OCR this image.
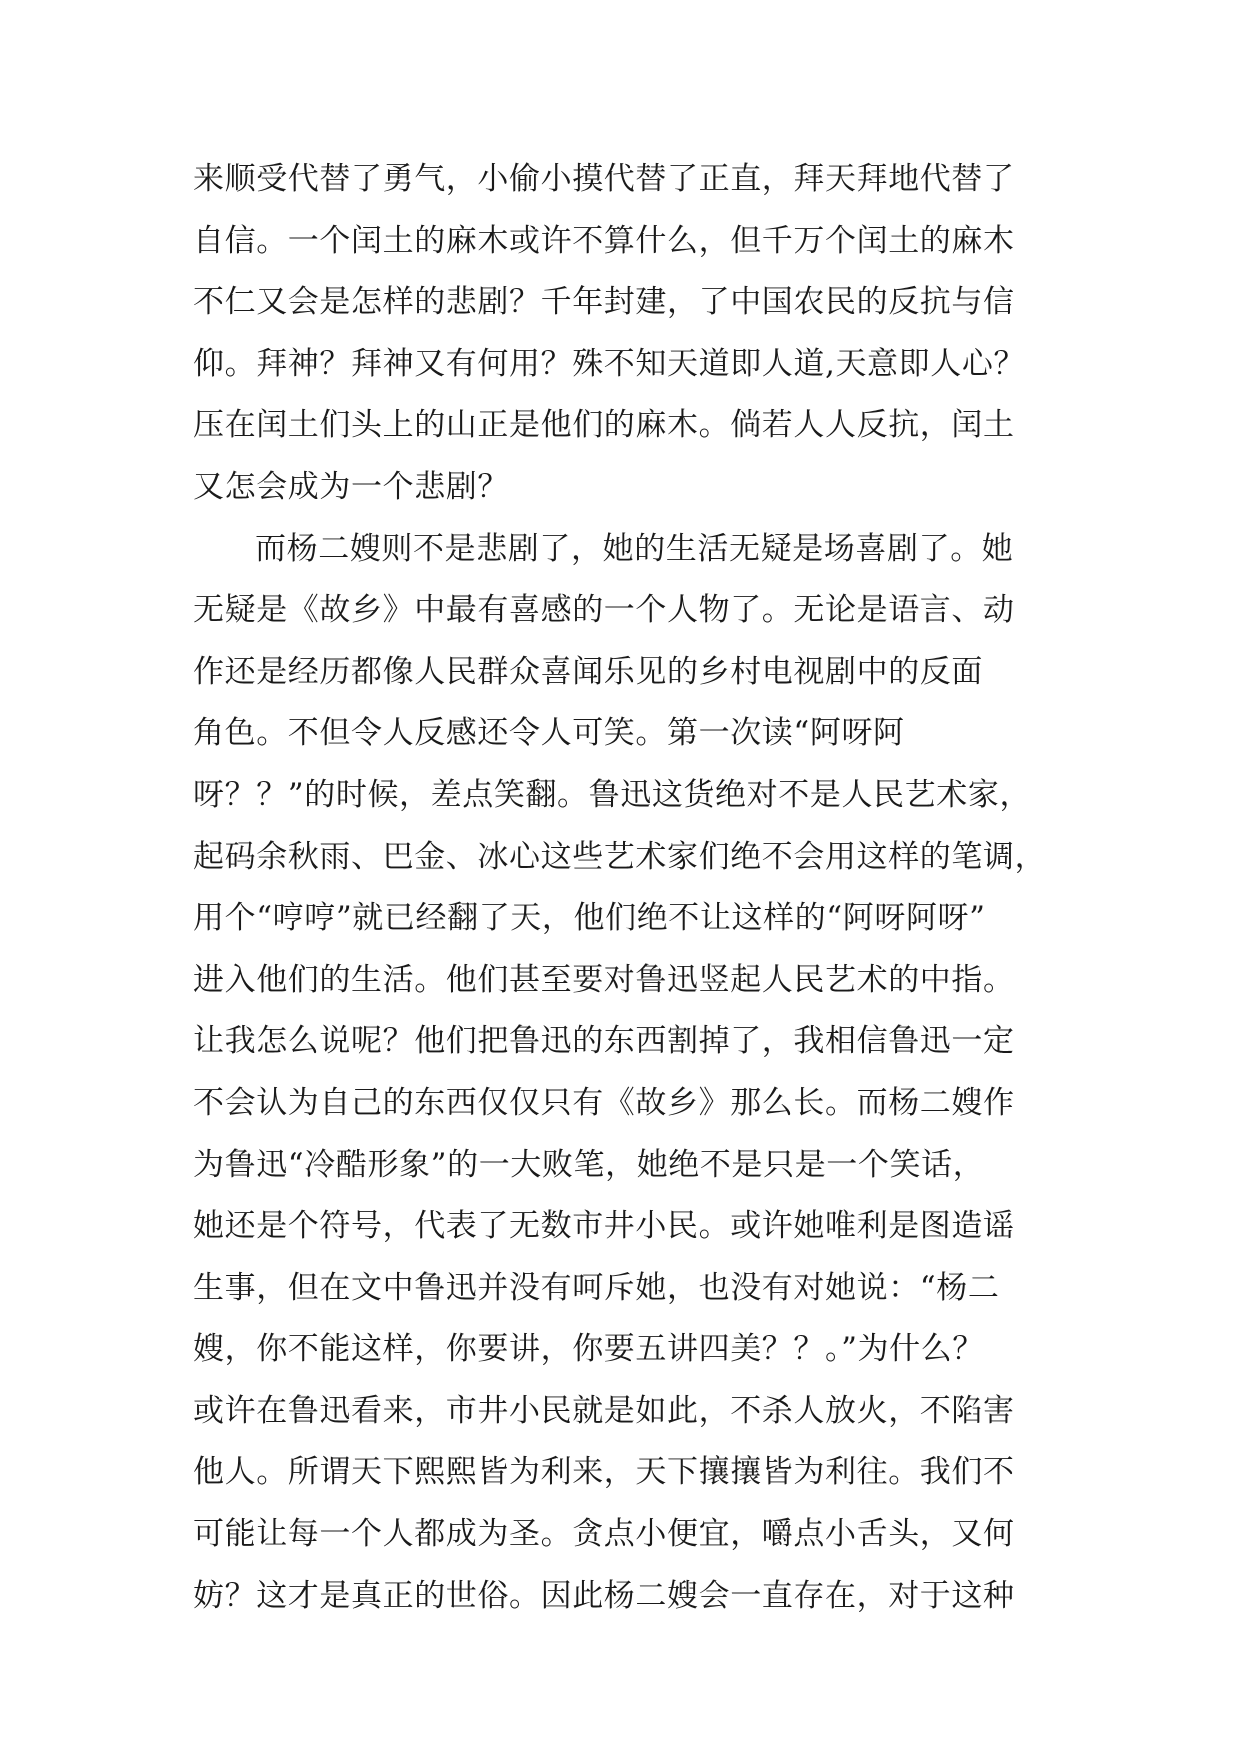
来顺受代替了勇气，小偷小摸代替了正直，拜天拜地代替了
自信。一个闰土的麻木或许不算什么，但千万个闰土的麻木
不仁又会是怎样的悲剧？千年封建，了中国农民的反抗与信
仰。拜神？拜神又有何用？殊不知天道即人道,天意即人心？
压在闰土们头上的山正是他们的麻木。倘若人人反抗，闰土
又怎会成为一个悲剧？
而杨二嫂则不是悲剧了，她的生活无疑是场喜剧了。她
无疑是《故乡》中最有喜感的一个人物了。无论是语言、动
作还是经历都像人民群众喜闻乐见的乡村电视剧中的反面
角色。不但令人反感还令人可笑。第一次读“阿呀阿
呀？？”的时候，差点笑翻。鲁迅这货绝对不是人民艺术家，
起码余秋雨、巴金、冰心这些艺术家们绝不会用这样的笔调，
用个“哼哼”就已经翻了天，他们绝不让这样的“阿呀阿呀”
进入他们的生活。他们甚至要对鲁迅竖起人民艺术的中指。
让我怎么说呢？他们把鲁迅的东西割掉了，我相信鲁迅一定
不会认为自己的东西仅仅只有《故乡》那么长。而杨二嫂作
为鲁迅“冷酷形象”的一大败笔，她绝不是只是一个笑话，
她还是个符号，代表了无数市井小民。或许她唯利是图造谣
生事，但在文中鲁迅并没有呵斥她，也没有对她说：“杨二
嫂，你不能这样，你要讲，你要五讲四美？？。”为什么？
或许在鲁迅看来，市井小民就是如此，不杀人放火，不陷害
他人。所谓天下熙熙皆为利来，天下攘攘皆为利往。我们不
可能让每一个人都成为圣。贪点小便宜，嚼点小舌头，又何
妨？这才是真正的世俗。因此杨二嫂会一直存在，对于这种
